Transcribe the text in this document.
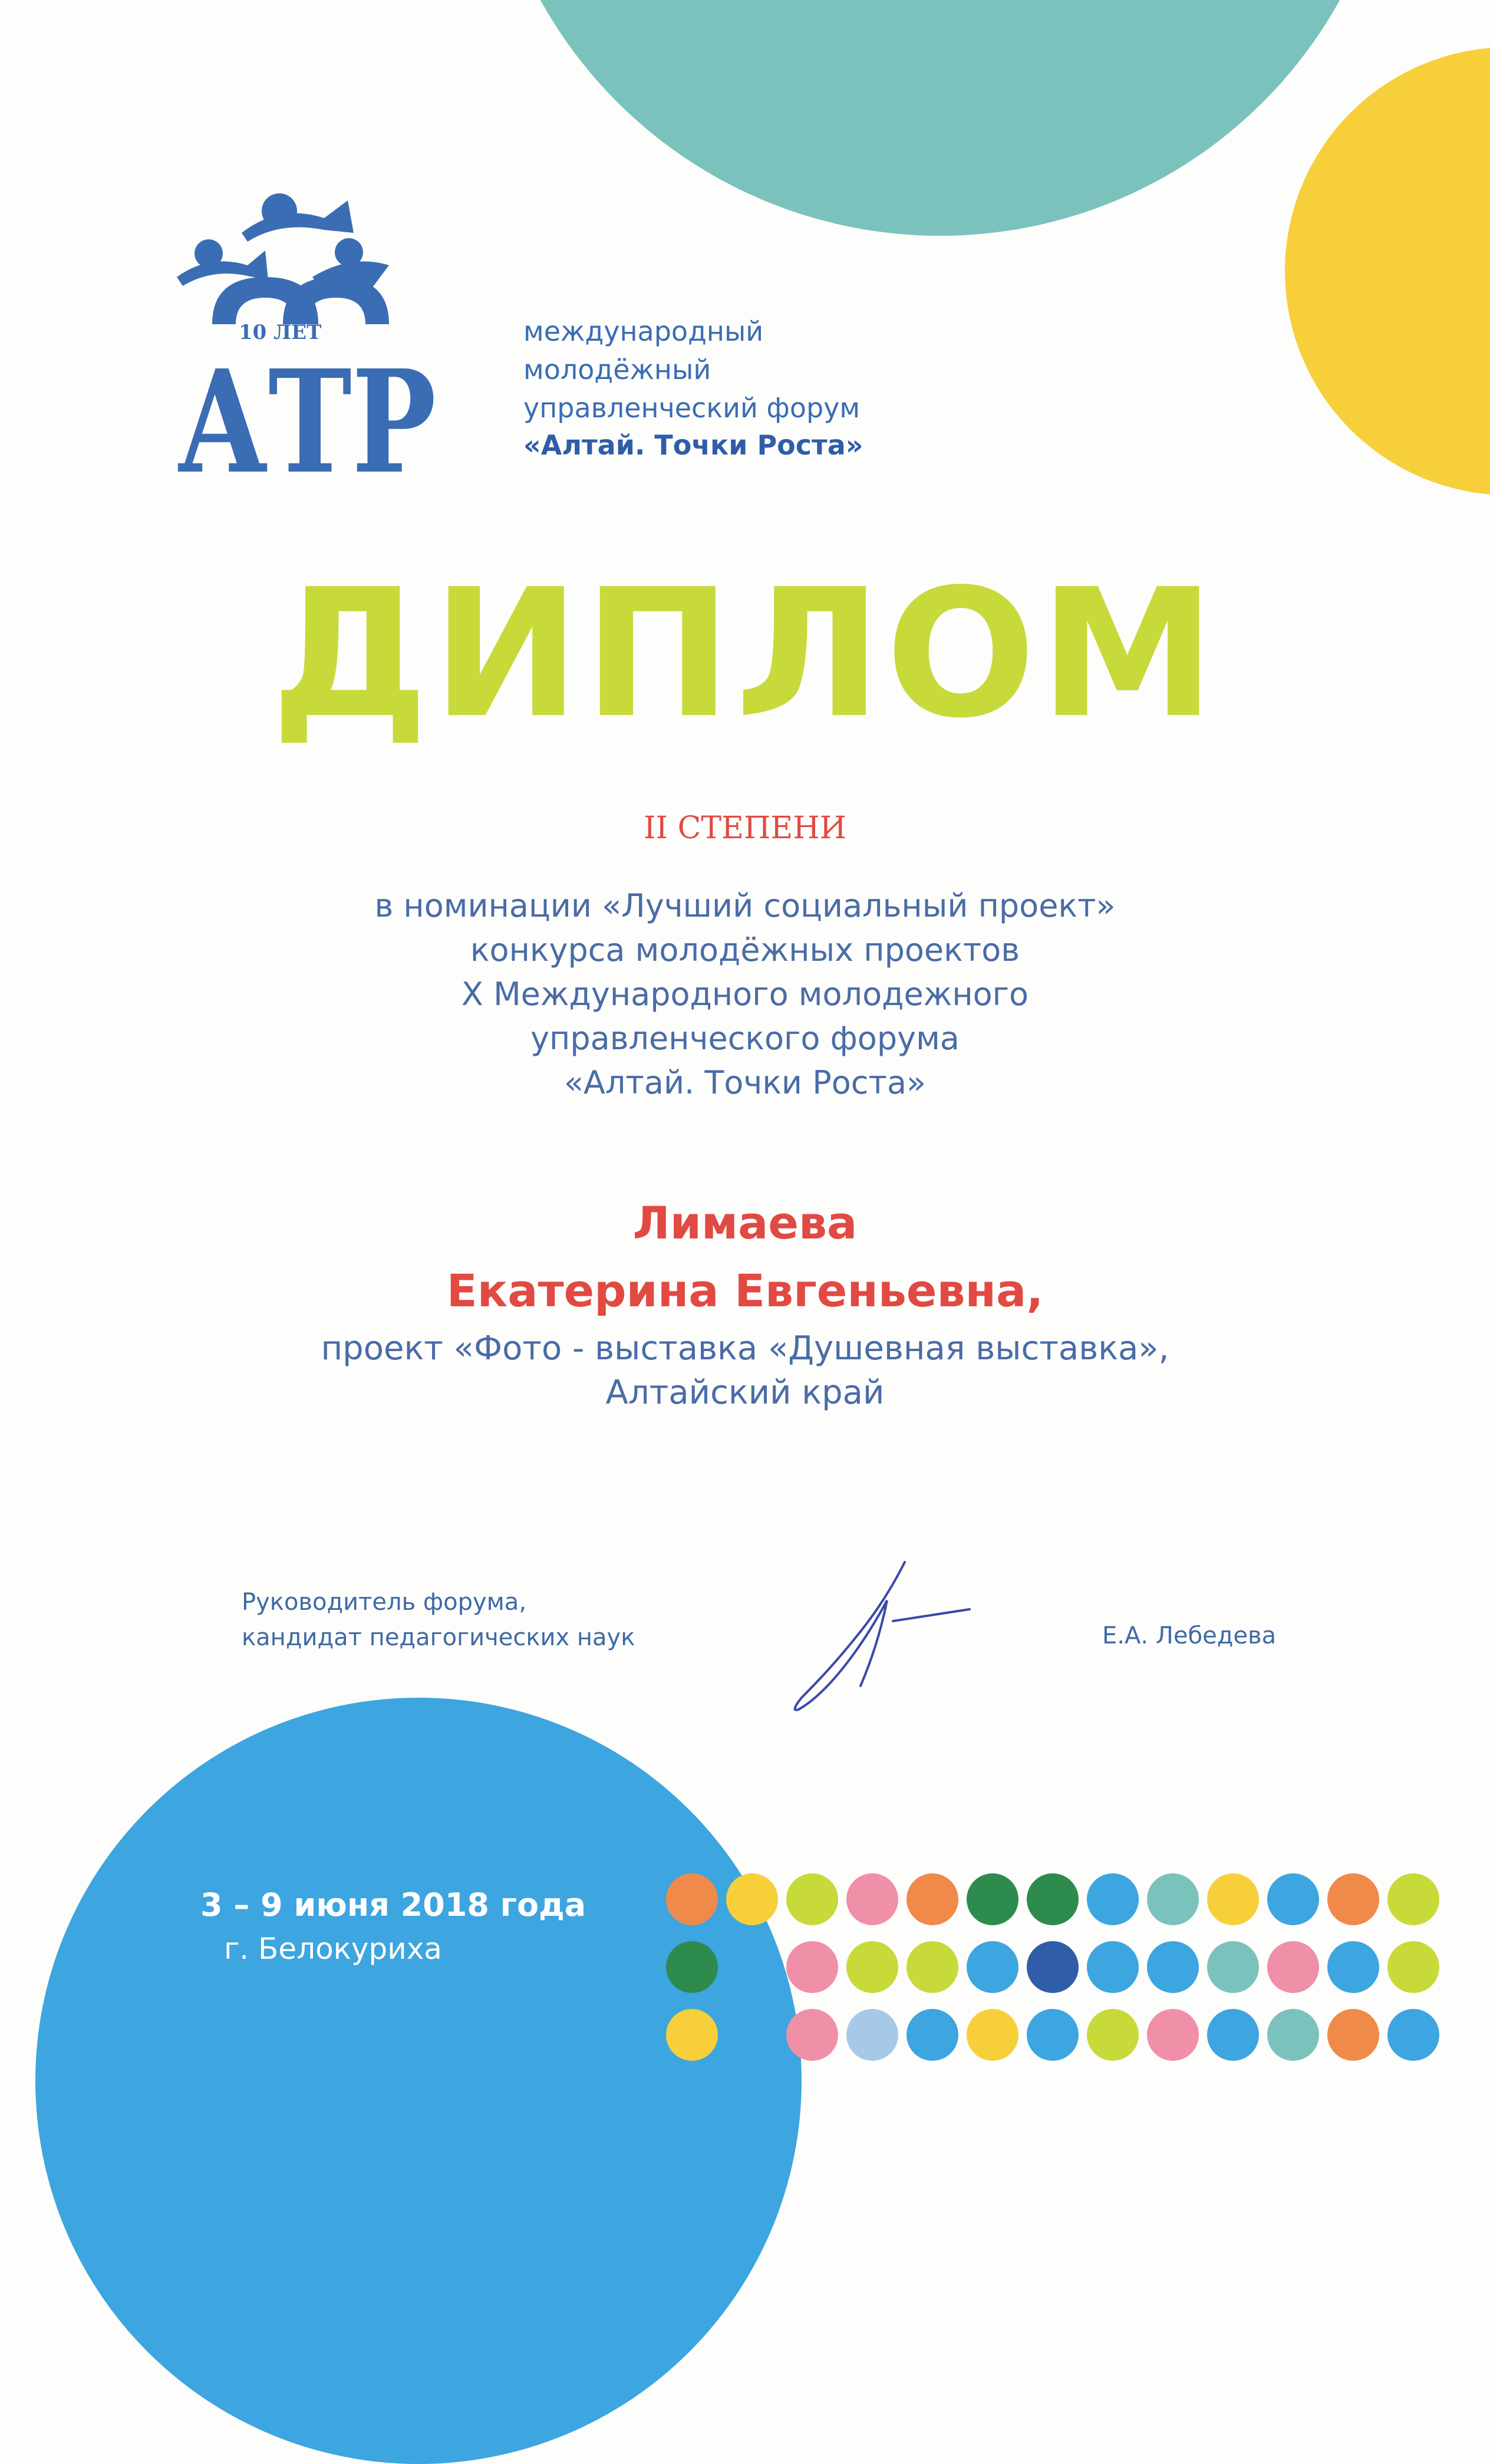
10 ЛЕТ
АТР
международный
молодёжный
управленческий форум
«Алтай. Точки Роста»
ДИПЛОМ
II СТЕПЕНИ
в номинации «Лучший социальный проект»
конкурса молодёжных проектов
X Международного молодежного
управленческого форума
«Алтай. Точки Роста»
Лимаева
Екатерина Евгеньевна,
проект «Фото - выставка «Душевная выставка»,
Алтайский край
Руководитель форума,
кандидат педагогических наук	Е.А. Лебедева
3 – 9 июня 2018 года
г. Белокуриха
